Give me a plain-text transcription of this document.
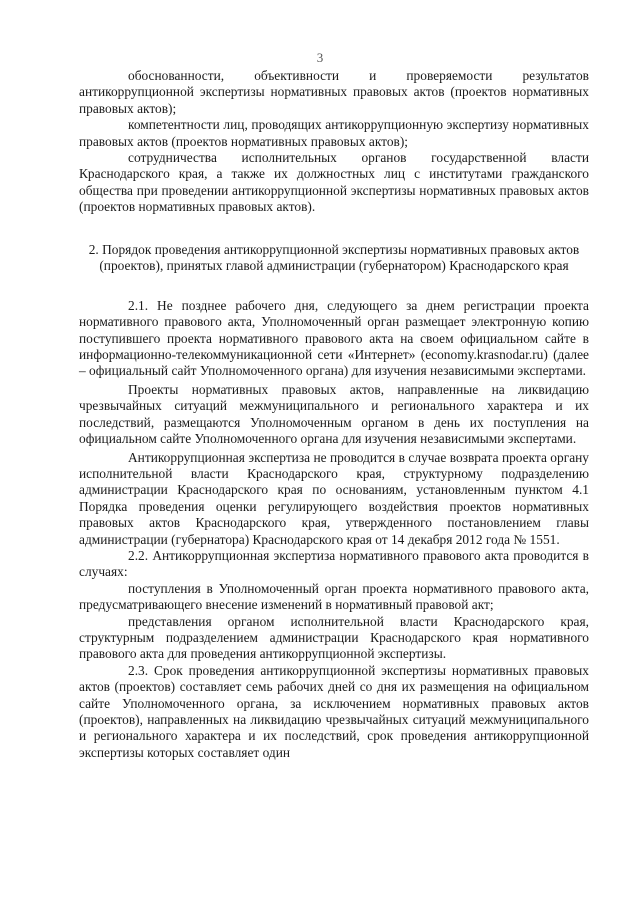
3

обоснованности, объективности и проверяемости результатов антикоррупционной экспертизы нормативных правовых актов (проектов нормативных правовых актов);

компетентности лиц, проводящих антикоррупционную экспертизу нормативных правовых актов (проектов нормативных правовых актов);

сотрудничества исполнительных органов государственной власти Краснодарского края, а также их должностных лиц с институтами гражданского общества при проведении антикоррупционной экспертизы нормативных правовых актов (проектов нормативных правовых актов).

2. Порядок проведения антикоррупционной экспертизы нормативных правовых актов (проектов), принятых главой администрации (губернатором) Краснодарского края

2.1. Не позднее рабочего дня, следующего за днем регистрации проекта нормативного правового акта, Уполномоченный орган размещает электронную копию поступившего проекта нормативного правового акта на своем официальном сайте в информационно-телекоммуникационной сети «Интернет» (economy.krasnodar.ru) (далее – официальный сайт Уполномоченного органа) для изучения независимыми экспертами.

Проекты нормативных правовых актов, направленные на ликвидацию чрезвычайных ситуаций межмуниципального и регионального характера и их последствий, размещаются Уполномоченным органом в день их поступления на официальном сайте Уполномоченного органа для изучения независимыми экспертами.

Антикоррупционная экспертиза не проводится в случае возврата проекта органу исполнительной власти Краснодарского края, структурному подразделению администрации Краснодарского края по основаниям, установленным пунктом 4.1 Порядка проведения оценки регулирующего воздействия проектов нормативных правовых актов Краснодарского края, утвержденного постановлением главы администрации (губернатора) Краснодарского края от 14 декабря 2012 года № 1551.

2.2. Антикоррупционная экспертиза нормативного правового акта проводится в случаях:

поступления в Уполномоченный орган проекта нормативного правового акта, предусматривающего внесение изменений в нормативный правовой акт;

представления органом исполнительной власти Краснодарского края, структурным подразделением администрации Краснодарского края нормативного правового акта для проведения антикоррупционной экспертизы.

2.3. Срок проведения антикоррупционной экспертизы нормативных правовых актов (проектов) составляет семь рабочих дней со дня их размещения на официальном сайте Уполномоченного органа, за исключением нормативных правовых актов (проектов), направленных на ликвидацию чрезвычайных ситуаций межмуниципального и регионального характера и их последствий, срок проведения антикоррупционной экспертизы которых составляет один
